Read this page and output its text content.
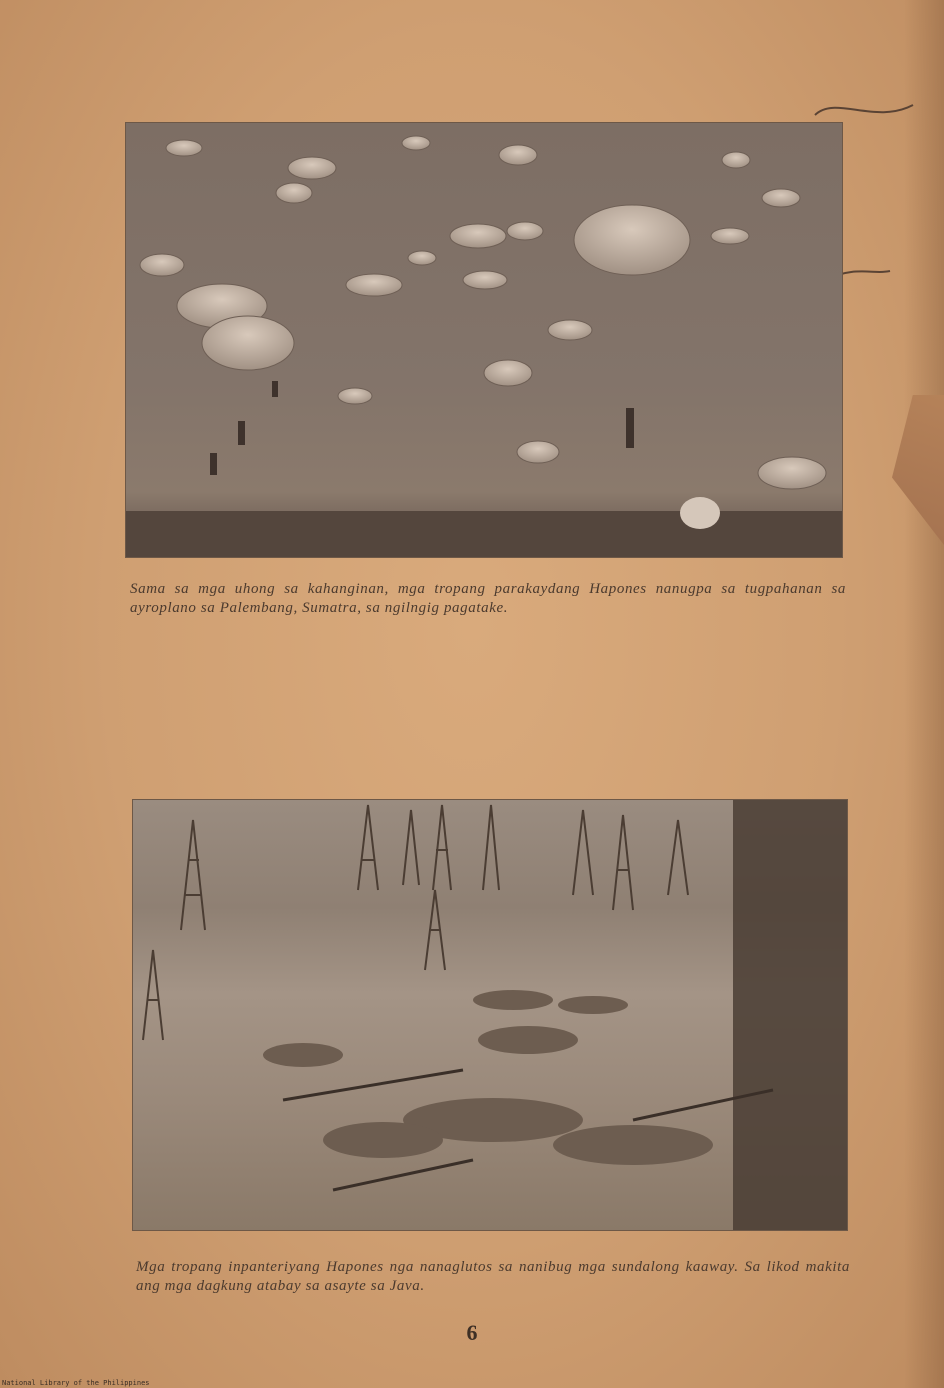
Sama sa mga uhong sa kahanginan, mga tropang parakaydang Hapones nanugpa sa tugpahanan sa ayroplano sa Palembang, Sumatra, sa ngilngig pagatake.
Mga tropang inpanteriyang Hapones nga nanaglutos sa nanibug mga sundalong kaaway. Sa likod makita ang mga dagkung atabay sa asayte sa Java.
6
National Library of the Philippines
